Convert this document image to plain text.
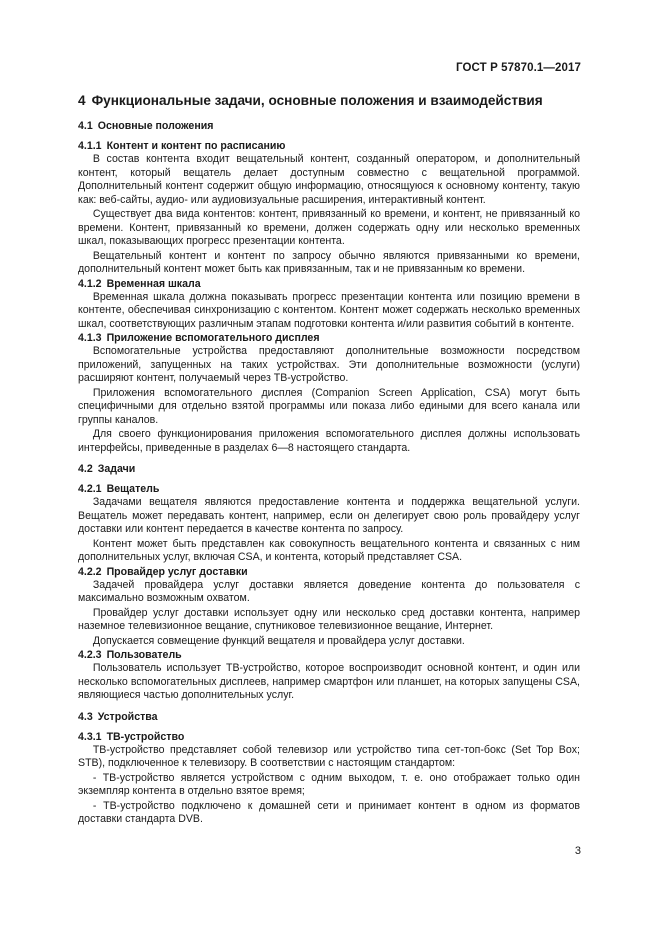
ГОСТ Р 57870.1—2017
4 Функциональные задачи, основные положения и взаимодействия
4.1 Основные положения
4.1.1 Контент и контент по расписанию

В состав контента входит вещательный контент, созданный оператором, и дополнительный контент, который вещатель делает доступным совместно с вещательной программой. Дополнительный контент содержит общую информацию, относящуюся к основному контенту, такую как: веб-сайты, аудио- или аудиовизуальные расширения, интерактивный контент.

Существует два вида контентов: контент, привязанный ко времени, и контент, не привязанный ко времени. Контент, привязанный ко времени, должен содержать одну или несколько временных шкал, показывающих прогресс презентации контента.

Вещательный контент и контент по запросу обычно являются привязанными ко времени, дополнительный контент может быть как привязанным, так и не привязанным ко времени.

4.1.2 Временная шкала

Временная шкала должна показывать прогресс презентации контента или позицию времени в контенте, обеспечивая синхронизацию с контентом. Контент может содержать несколько временных шкал, соответствующих различным этапам подготовки контента и/или развития событий в контенте.

4.1.3 Приложение вспомогательного дисплея

Вспомогательные устройства предоставляют дополнительные возможности посредством приложений, запущенных на таких устройствах. Эти дополнительные возможности (услуги) расширяют контент, получаемый через ТВ-устройство.

Приложения вспомогательного дисплея (Companion Screen Application, CSA) могут быть специфичными для отдельно взятой программы или показа либо едиными для всего канала или группы каналов.

Для своего функционирования приложения вспомогательного дисплея должны использовать интерфейсы, приведенные в разделах 6—8 настоящего стандарта.

4.2 Задачи
4.2.1 Вещатель

Задачами вещателя являются предоставление контента и поддержка вещательной услуги. Вещатель может передавать контент, например, если он делегирует свою роль провайдеру услуг доставки или контент передается в качестве контента по запросу.

Контент может быть представлен как совокупность вещательного контента и связанных с ним дополнительных услуг, включая CSA, и контента, который представляет CSA.

4.2.2 Провайдер услуг доставки

Задачей провайдера услуг доставки является доведение контента до пользователя с максимально возможным охватом.

Провайдер услуг доставки использует одну или несколько сред доставки контента, например наземное телевизионное вещание, спутниковое телевизионное вещание, Интернет.

Допускается совмещение функций вещателя и провайдера услуг доставки.

4.2.3 Пользователь

Пользователь использует ТВ-устройство, которое воспроизводит основной контент, и один или несколько вспомогательных дисплеев, например смартфон или планшет, на которых запущены CSA, являющиеся частью дополнительных услуг.

4.3 Устройства
4.3.1 ТВ-устройство

ТВ-устройство представляет собой телевизор или устройство типа сет-топ-бокс (Set Top Box; STB), подключенное к телевизору. В соответствии с настоящим стандартом:

- ТВ-устройство является устройством с одним выходом, т. е. оно отображает только один экземпляр контента в отдельно взятое время;

- ТВ-устройство подключено к домашней сети и принимает контент в одном из форматов доставки стандарта DVB.

3
